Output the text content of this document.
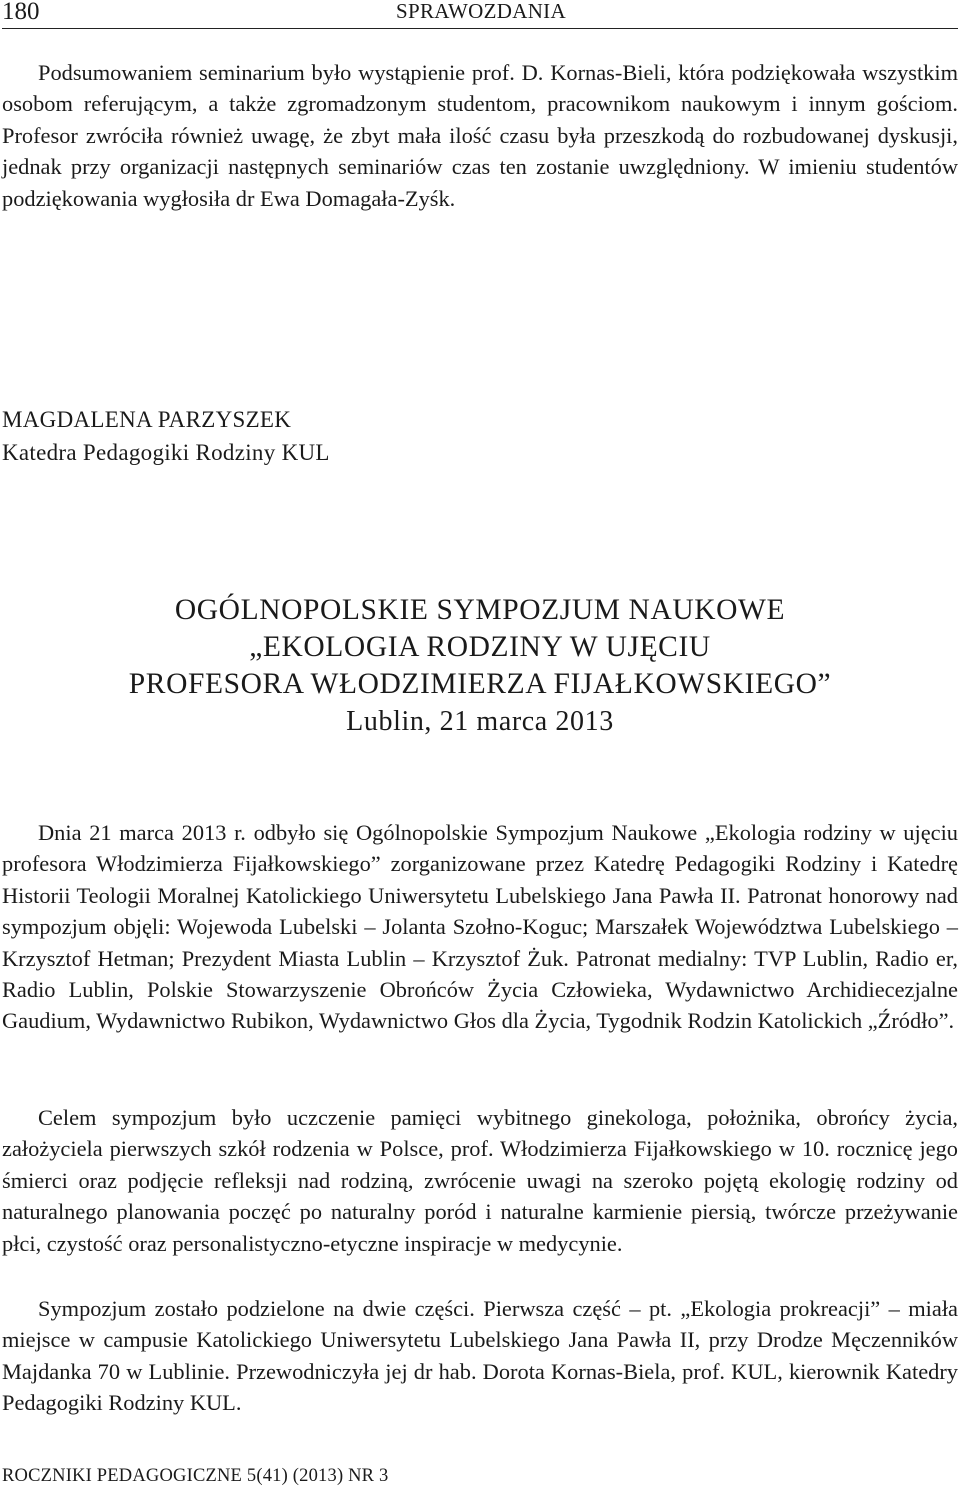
180	SPRAWOZDANIA

Podsumowaniem seminarium było wystąpienie prof. D. Kornas-Bieli, która podziękowała wszystkim osobom referującym, a także zgromadzonym studentom, pracownikom naukowym i innym gościom. Profesor zwróciła również uwagę, że zbyt mała ilość czasu była przeszkodą do rozbudowanej dyskusji, jednak przy organizacji następnych seminariów czas ten zostanie uwzględniony. W imieniu studentów podziękowania wygłosiła dr Ewa Domagała-Zyśk.

MAGDALENA PARZYSZEK
Katedra Pedagogiki Rodziny KUL
OGÓLNOPOLSKIE SYMPOZJUM NAUKOWE
„EKOLOGIA RODZINY W UJĘCIU
PROFESORA WŁODZIMIERZA FIJAŁKOWSKIEGO”
Lublin, 21 marca 2013

Dnia 21 marca 2013 r. odbyło się Ogólnopolskie Sympozjum Naukowe „Ekologia rodziny w ujęciu profesora Włodzimierza Fijałkowskiego” zorganizowane przez Katedrę Pedagogiki Rodziny i Katedrę Historii Teologii Moralnej Katolickiego Uniwersytetu Lubelskiego Jana Pawła II. Patronat honorowy nad sympozjum objęli: Wojewoda Lubelski – Jolanta Szołno-Koguc; Marszałek Województwa Lubelskiego – Krzysztof Hetman; Prezydent Miasta Lublin – Krzysztof Żuk. Patronat medialny: TVP Lublin, Radio er, Radio Lublin, Polskie Stowarzyszenie Obrońców Życia Człowieka, Wydawnictwo Archidiecezjalne Gaudium, Wydawnictwo Rubikon, Wydawnictwo Głos dla Życia, Tygodnik Rodzin Katolickich „Źródło”.

Celem sympozjum było uczczenie pamięci wybitnego ginekologa, położnika, obrońcy życia, założyciela pierwszych szkół rodzenia w Polsce, prof. Włodzimierza Fijałkowskiego w 10. rocznicę jego śmierci oraz podjęcie refleksji nad rodziną, zwrócenie uwagi na szeroko pojętą ekologię rodziny od naturalnego planowania poczęć po naturalny poród i naturalne karmienie piersią, twórcze przeżywanie płci, czystość oraz personalistyczno-etyczne inspiracje w medycynie.

Sympozjum zostało podzielone na dwie części. Pierwsza część – pt. „Ekologia prokreacji” – miała miejsce w campusie Katolickiego Uniwersytetu Lubelskiego Jana Pawła II, przy Drodze Męczenników Majdanka 70 w Lublinie. Przewodniczyła jej dr hab. Dorota Kornas-Biela, prof. KUL, kierownik Katedry Pedagogiki Rodziny KUL.

ROCZNIKI PEDAGOGICZNE 5(41) (2013) NR 3
